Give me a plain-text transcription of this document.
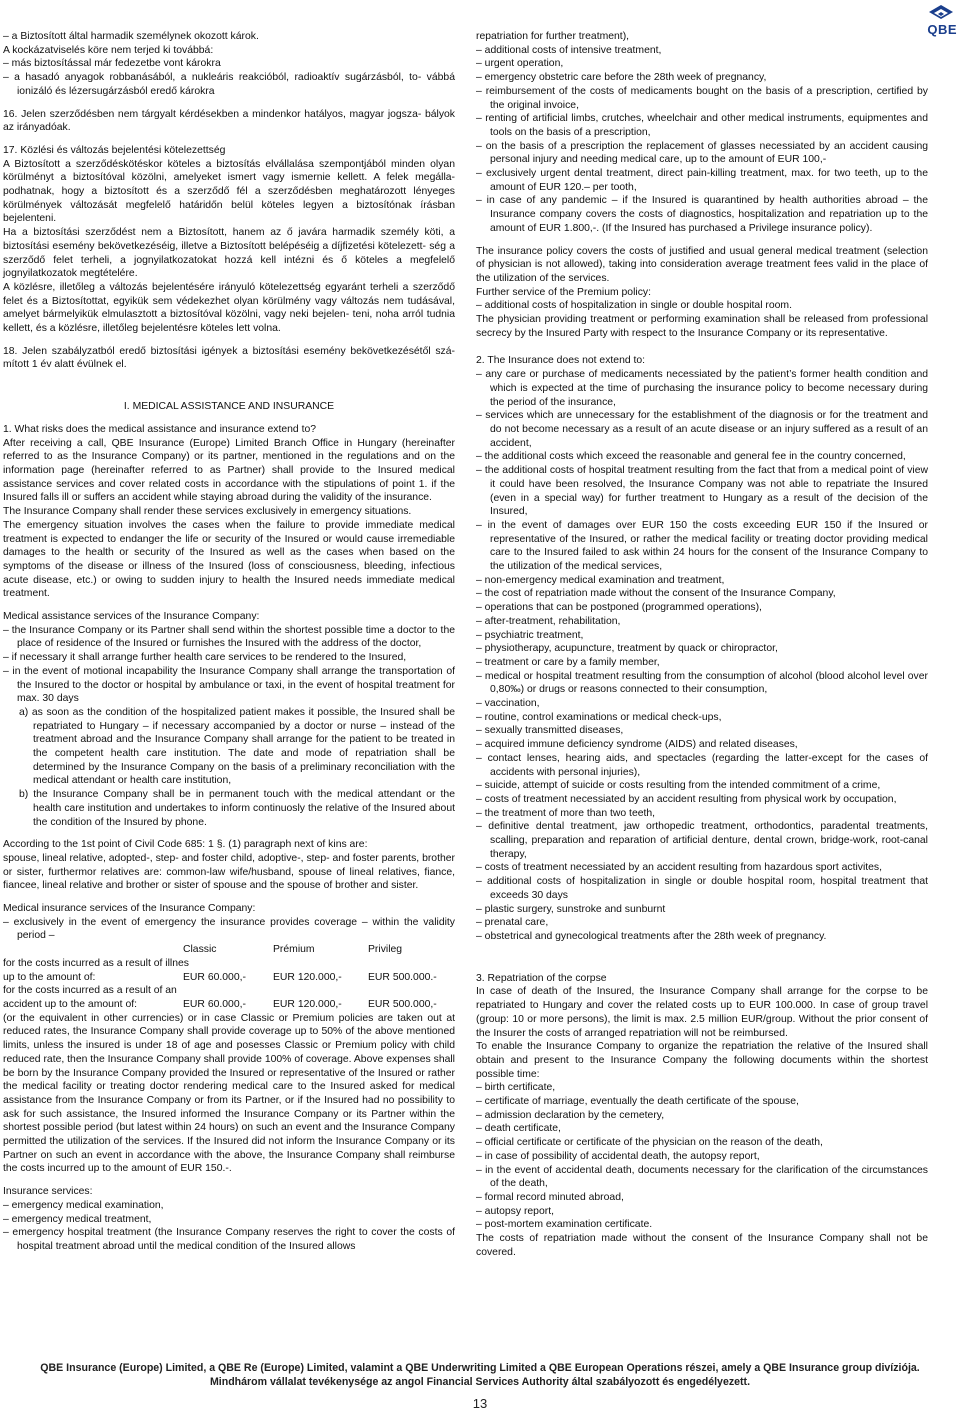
QBE

– a Biztosított által harmadik személynek okozott károk.

A kockázatviselés köre nem terjed ki továbbá:

– más biztosítással már fedezetbe vont károkra

– a hasadó anyagok robbanásából, a nukleáris reakcióból, radioaktív sugárzásból, to- vábbá ionizáló és lézersugárzásból eredő károkra

16. Jelen szerződésben nem tárgyalt kérdésekben a mindenkor hatályos, magyar jogsza- bályok az irányadóak.

17. Közlési és változás bejelentési kötelezettség

A Biztosított a szerződéskötéskor köteles a biztosítás elvállalása szempontjából minden olyan körülményt a biztosítóval közölni, amelyeket ismert vagy ismernie kellett. A felek megálla- podhatnak, hogy a biztosított és a szerződő fél a szerződésben meghatározott lényeges körülmények változását megfelelő határidőn belül köteles legyen a biztosítónak írásban bejelenteni.

Ha a biztosítási szerződést nem a Biztosított, hanem az ő javára harmadik személy köti, a biztosítási esemény bekövetkezéséig, illetve a Biztosított belépéséig a díjfizetési kötelezett- ség a szerződő felet terheli, a jognyilatkozatokat hozzá kell intézni és ő köteles a megfelelő jognyilatkozatok megtételére.

A közlésre, illetőleg a változás bejelentésére irányuló kötelezettség egyaránt terheli a szerződő felet és a Biztosítottat, egyikük sem védekezhet olyan körülmény vagy változás nem tudásával, amelyet bármelyikük elmulasztott a biztosítóval közölni, vagy neki bejelen- teni, noha arról tudnia kellett, és a közlésre, illetőleg bejelentésre köteles lett volna.

18. Jelen szabályzatból eredő biztosítási igények a biztosítási esemény bekövetkezésétől szá- mított 1 év alatt évülnek el.

I. MEDICAL ASSISTANCE AND INSURANCE

1. What risks does the medical assistance and insurance extend to?

After receiving a call, QBE Insurance (Europe) Limited Branch Office in Hungary (hereinafter referred to as the Insurance Company) or its partner, mentioned in the regulations and on the information page (hereinafter referred to as Partner) shall provide to the Insured medical assistance services and cover related costs in accordance with the stipulations of point 1. if the Insured falls ill or suffers an accident while staying abroad during the validity of the insurance.

The Insurance Company shall render these services exclusively in emergency situations.

The emergency situation involves the cases when the failure to provide immediate medical treatment is expected to endanger the life or security of the Insured or would cause irremediable damages to the health or security of the Insured as well as the cases when based on the symptoms of the disease or illness of the Insured (loss of consciousness, bleeding, infectious acute disease, etc.) or owing to sudden injury to health the Insured needs immediate medical treatment.

Medical assistance services of the Insurance Company:

– the Insurance Company or its Partner shall send within the shortest possible time a doctor to the place of residence of the Insured or furnishes the Insured with the address of the doctor,

– if necessary it shall arrange further health care services to be rendered to the Insured,

– in the event of motional incapability the Insurance Company shall arrange the transportation of the Insured to the doctor or hospital by ambulance or taxi, in the event of hospital treatment for max. 30 days

a) as soon as the condition of the hospitalized patient makes it possible, the Insured shall be repatriated to Hungary – if necessary accompanied by a doctor or nurse – instead of the treatment abroad and the Insurance Company shall arrange for the patient to be treated in the competent health care institution. The date and mode of repatriation shall be determined by the Insurance Company on the basis of a preliminary reconciliation with the medical attendant or health care institution,

b) the Insurance Company shall be in permanent touch with the medical attendant or the health care institution and undertakes to inform continuosly the relative of the Insured about the condition of the Insured by phone.

According to the 1st point of Civil Code 685: 1 §. (1) paragraph next of kins are:

spouse, lineal relative, adopted-, step- and foster child, adoptive-, step- and foster parents, brother or sister, furthermor relatives are: common-law wife/husband, spouse of lineal relatives, fiance, fiancee, lineal relative and brother or sister of spouse and the spouse of brother and sister.

Medical insurance services of the Insurance Company:

– exclusively in the event of emergency the insurance provides coverage – within the validity period –

Classic	Prémium	Privileg

for the costs incurred as a result of illnes

up to the amount of:	EUR 60.000,-	EUR 120.000,-	EUR 500.000.-

for the costs incurred as a result of an

accident up to the amount of:	EUR 60.000,-	EUR 120.000,-	EUR 500.000,-

(or the equivalent in other currencies) or in case Classic or Premium policies are taken out at reduced rates, the Insurance Company shall provide coverage up to 50% of the above mentioned limits, unless the insured is under 18 of age and posesses Classic or Premium policy with child reduced rate, then the Insurance Company shall provide 100% of coverage. Above expenses shall be born by the Insurance Company provided the Insured or representative of the Insured or rather the medical facility or treating doctor rendering medical care to the Insured asked for medical assistance from the Insurance Company or from its Partner, or if the Insured had no possibility to ask for such assistance, the Insured informed the Insurance Company or its Partner within the shortest possible period (but latest within 24 hours) on such an event and the Insurance Company permitted the utilization of the services. If the Insured did not inform the Insurance Company or its Partner on such an event in accordance with the above, the Insurance Company shall reimburse the costs incurred up to the amount of EUR 150.-.

Insurance services:

– emergency medical examination,

– emergency medical treatment,

– emergency hospital treatment (the Insurance Company reserves the right to cover the costs of hospital treatment abroad until the medical condition of the Insured allows

repatriation for further treatment),

– additional costs of intensive treatment,

– urgent operation,

– emergency obstetric care before the 28th week of pregnancy,

– reimbursement of the costs of medicaments bought on the basis of a prescription, certified by the original invoice,

– renting of artificial limbs, crutches, wheelchair and other medical instruments, equipmentes and tools on the basis of a prescription,

– on the basis of a prescription the replacement of glasses necessiated by an accident causing personal injury and needing medical care, up to the amount of EUR 100,-

– exclusively urgent dental treatment, direct pain-killing treatment, max. for two teeth, up to the amount of EUR 120.– per tooth,

– in case of any pandemic – if the Insured is quarantined by health authorities abroad – the Insurance company covers the costs of diagnostics, hospitalization and repatriation up to the amount of EUR 1.800,-. (If the Insured has purchased a Privilege insurance policy).

The insurance policy covers the costs of justified and usual general medical treatment (selection of physician is not allowed), taking into consideration average treatment fees valid in the place of the utilization of the services.

Further service of the Premium policy:

– additional costs of hospitalization in single or double hospital room.

The physician providing treatment or performing examination shall be released from professional secrecy by the Insured Party with respect to the Insurance Company or its representative.

2. The Insurance does not extend to:

– any care or purchase of medicaments necessiated by the patient’s former health condition and which is expected at the time of purchasing the insurance policy to become necessary during the period of the insurance,

– services which are unnecessary for the establishment of the diagnosis or for the treatment and do not become necessary as a result of an acute disease or an injury suffered as a result of an accident,

– the additional costs which exceed the reasonable and general fee in the country concerned,

– the additional costs of hospital treatment resulting from the fact that from a medical point of view it could have been resolved, the Insurance Company was not able to repatriate the Insured (even in a special way) for further treatment to Hungary as a result of the decision of the Insured,

– in the event of damages over EUR 150 the costs exceeding EUR 150 if the Insured or representative of the Insured, or rather the medical facility or treating doctor providing medical care to the Insured failed to ask within 24 hours for the consent of the Insurance Company to the utilization of the medical services,

– non-emergency medical examination and treatment,

– the cost of repatriation made without the consent of the Insurance Company,

– operations that can be postponed (programmed operations),

– after-treatment, rehabilitation,

– psychiatric treatment,

– physiotherapy, acupuncture, treatment by quack or chiropractor,

– treatment or care by a family member,

– medical or hospital treatment resulting from the consumption of alcohol (blood alcohol level over 0,80‰) or drugs or reasons connected to their consumption,

– vaccination,

– routine, control examinations or medical check-ups,

– sexually transmitted diseases,

– acquired immune deficiency syndrome (AIDS) and related diseases,

– contact lenses, hearing aids, and spectacles (regarding the latter-except for the cases of accidents with personal injuries),

– suicide, attempt of suicide or costs resulting from the intended commitment of a crime,

– costs of treatment necessiated by an accident resulting from physical work by occupation,

– the treatment of more than two teeth,

– definitive dental treatment, jaw orthopedic treatment, orthodontics, paradental treatments, scalling, preparation and reparation of artificial denture, dental crown, bridge-work, root-canal therapy,

– costs of treatment necessiated by an accident resulting from hazardous sport activites,

– additional costs of hospitalization in single or double hospital room, hospital treatment that exceeds 30 days

– plastic surgery, sunstroke and sunburnt

– prenatal care,

– obstetrical and gynecological treatments after the 28th week of pregnancy.

3. Repatriation of the corpse

In case of death of the Insured, the Insurance Company shall arrange for the corpse to be repatriated to Hungary and cover the related costs up to EUR 100.000. In case of group travel (group: 10 or more persons), the limit is max. 2.5 million EUR/group. Without the prior consent of the Insurer the costs of arranged repatriation will not be reimbursed.

To enable the Insurance Company to organize the repatriation the relative of the Insured shall obtain and present to the Insurance Company the following documents within the shortest possible time:

– birth certificate,

– certificate of marriage, eventually the death certificate of the spouse,

– admission declaration by the cemetery,

– death certificate,

– official certificate or certificate of the physician on the reason of the death,

– in case of possibility of accidental death, the autopsy report,

– in the event of accidental death, documents necessary for the clarification of the circumstances of the death,

– formal record minuted abroad,

– autopsy report,

– post-mortem examination certificate.

The costs of repatriation made without the consent of the Insurance Company shall not be covered.

QBE Insurance (Europe) Limited, a QBE Re (Europe) Limited, valamint a QBE Underwriting Limited a QBE European Operations részei, amely a QBE Insurance group divíziója.
Mindhárom vállalat tevékenysége az angol Financial Services Authority által szabályozott és engedélyezett.
13
